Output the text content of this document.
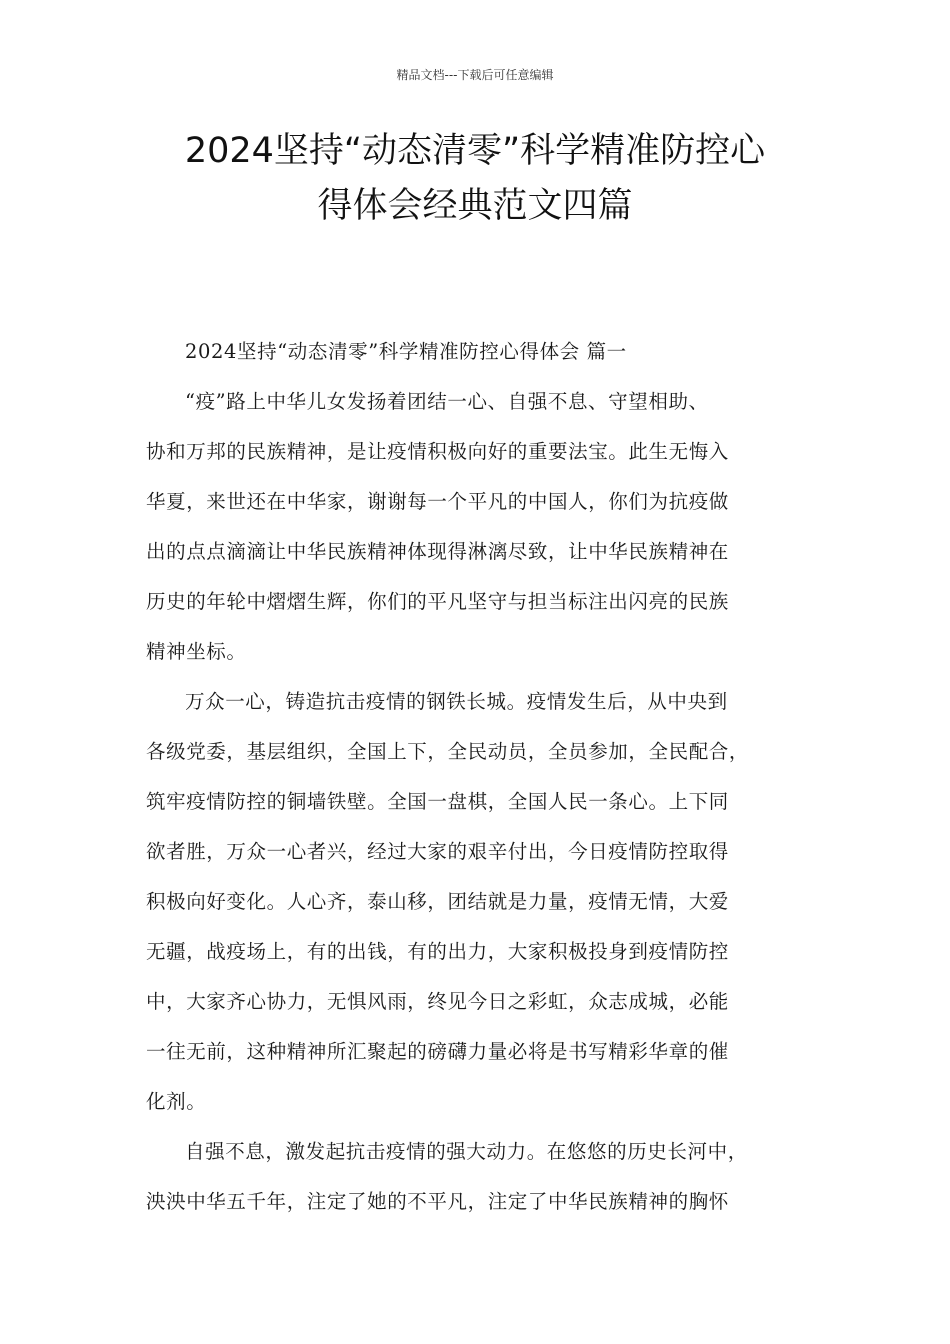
精品文档---下载后可任意编辑
2024坚持“动态清零”科学精准防控心
得体会经典范文四篇

2024坚持“动态清零”科学精准防控心得体会 篇一

“疫”路上中华儿女发扬着团结一心、自强不息、守望相助、
协和万邦的民族精神，是让疫情积极向好的重要法宝。此生无悔入
华夏，来世还在中华家，谢谢每一个平凡的中国人，你们为抗疫做
出的点点滴滴让中华民族精神体现得淋漓尽致，让中华民族精神在
历史的年轮中熠熠生辉，你们的平凡坚守与担当标注出闪亮的民族
精神坐标。

万众一心，铸造抗击疫情的钢铁长城。疫情发生后，从中央到
各级党委，基层组织，全国上下，全民动员，全员参加，全民配合，
筑牢疫情防控的铜墙铁壁。全国一盘棋，全国人民一条心。上下同
欲者胜，万众一心者兴，经过大家的艰辛付出，今日疫情防控取得
积极向好变化。人心齐，泰山移，团结就是力量，疫情无情，大爱
无疆，战疫场上，有的出钱，有的出力，大家积极投身到疫情防控
中，大家齐心协力，无惧风雨，终见今日之彩虹，众志成城，必能
一往无前，这种精神所汇聚起的磅礴力量必将是书写精彩华章的催
化剂。

自强不息，激发起抗击疫情的强大动力。在悠悠的历史长河中，
泱泱中华五千年，注定了她的不平凡，注定了中华民族精神的胸怀
